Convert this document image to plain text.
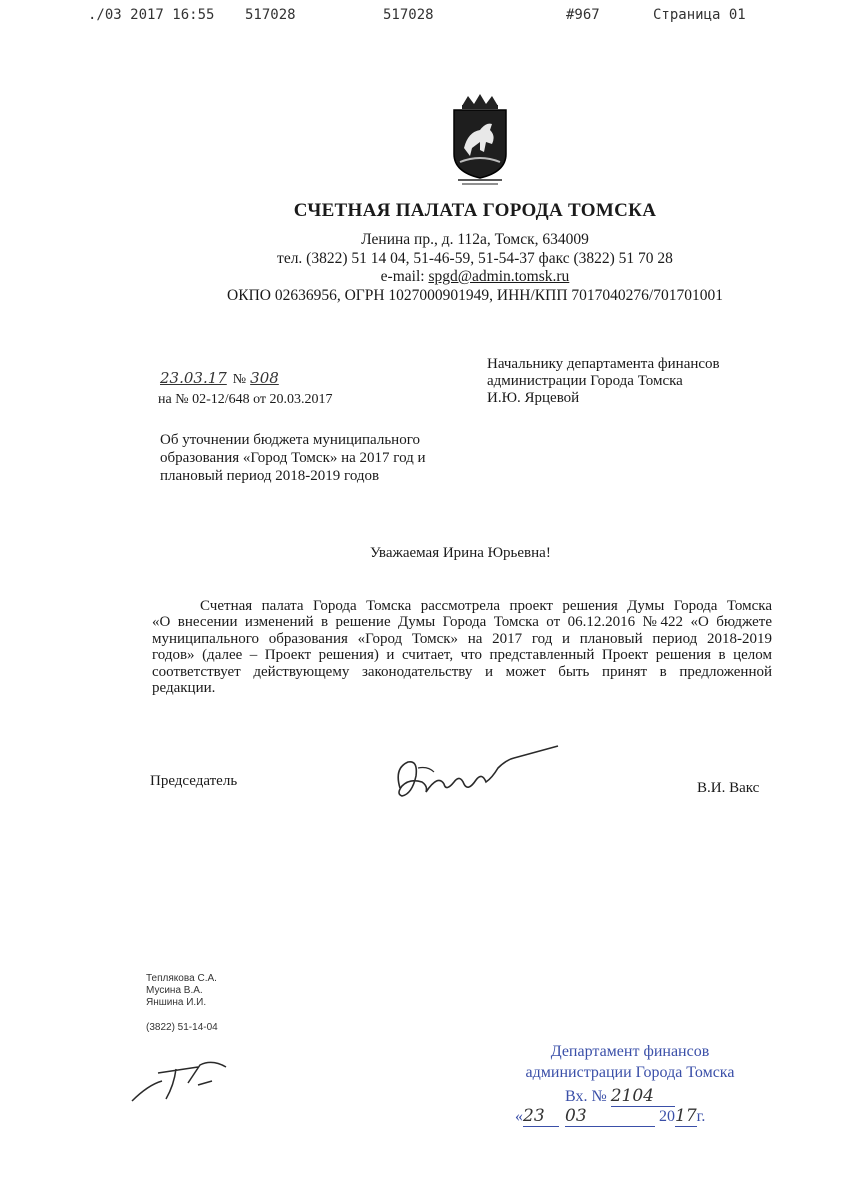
./03 2017 16:55 517028	517028	#967	Страница 01
СЧЕТНАЯ ПАЛАТА ГОРОДА ТОМСКА
Ленина пр., д. 112а, Томск, 634009
тел. (3822) 51 14 04, 51-46-59, 51-54-37 факс (3822) 51 70 28
e-mail: spgd@admin.tomsk.ru
ОКПО 02636956, ОГРН 1027000901949, ИНН/КПП 7017040276/701701001
23.03.17 № 308
на № 02-12/648 от 20.03.2017
Начальнику департамента финансов
администрации Города Томска
И.Ю. Ярцевой
Об уточнении бюджета муниципального
образования «Город Томск» на 2017 год и
плановый период 2018-2019 годов
Уважаемая Ирина Юрьевна!
Счетная палата Города Томска рассмотрела проект решения Думы Города Томска
«О внесении изменений в решение Думы Города Томска от 06.12.2016 №422 «О бюджете
муниципального образования «Город Томск» на 2017 год и плановый период 2018-2019
годов» (далее – Проект решения) и считает, что представленный Проект решения в целом
соответствует действующему законодательству и может быть принят в предложенной
редакции.
Председатель	В.И. Вакс
Тепляковa С.А.
Мусина В.А.
Яншина И.И.
(3822) 51-14-04
Департамент финансов
администрации Города Томска
Вх. № 2104
«23 03	2017г.
